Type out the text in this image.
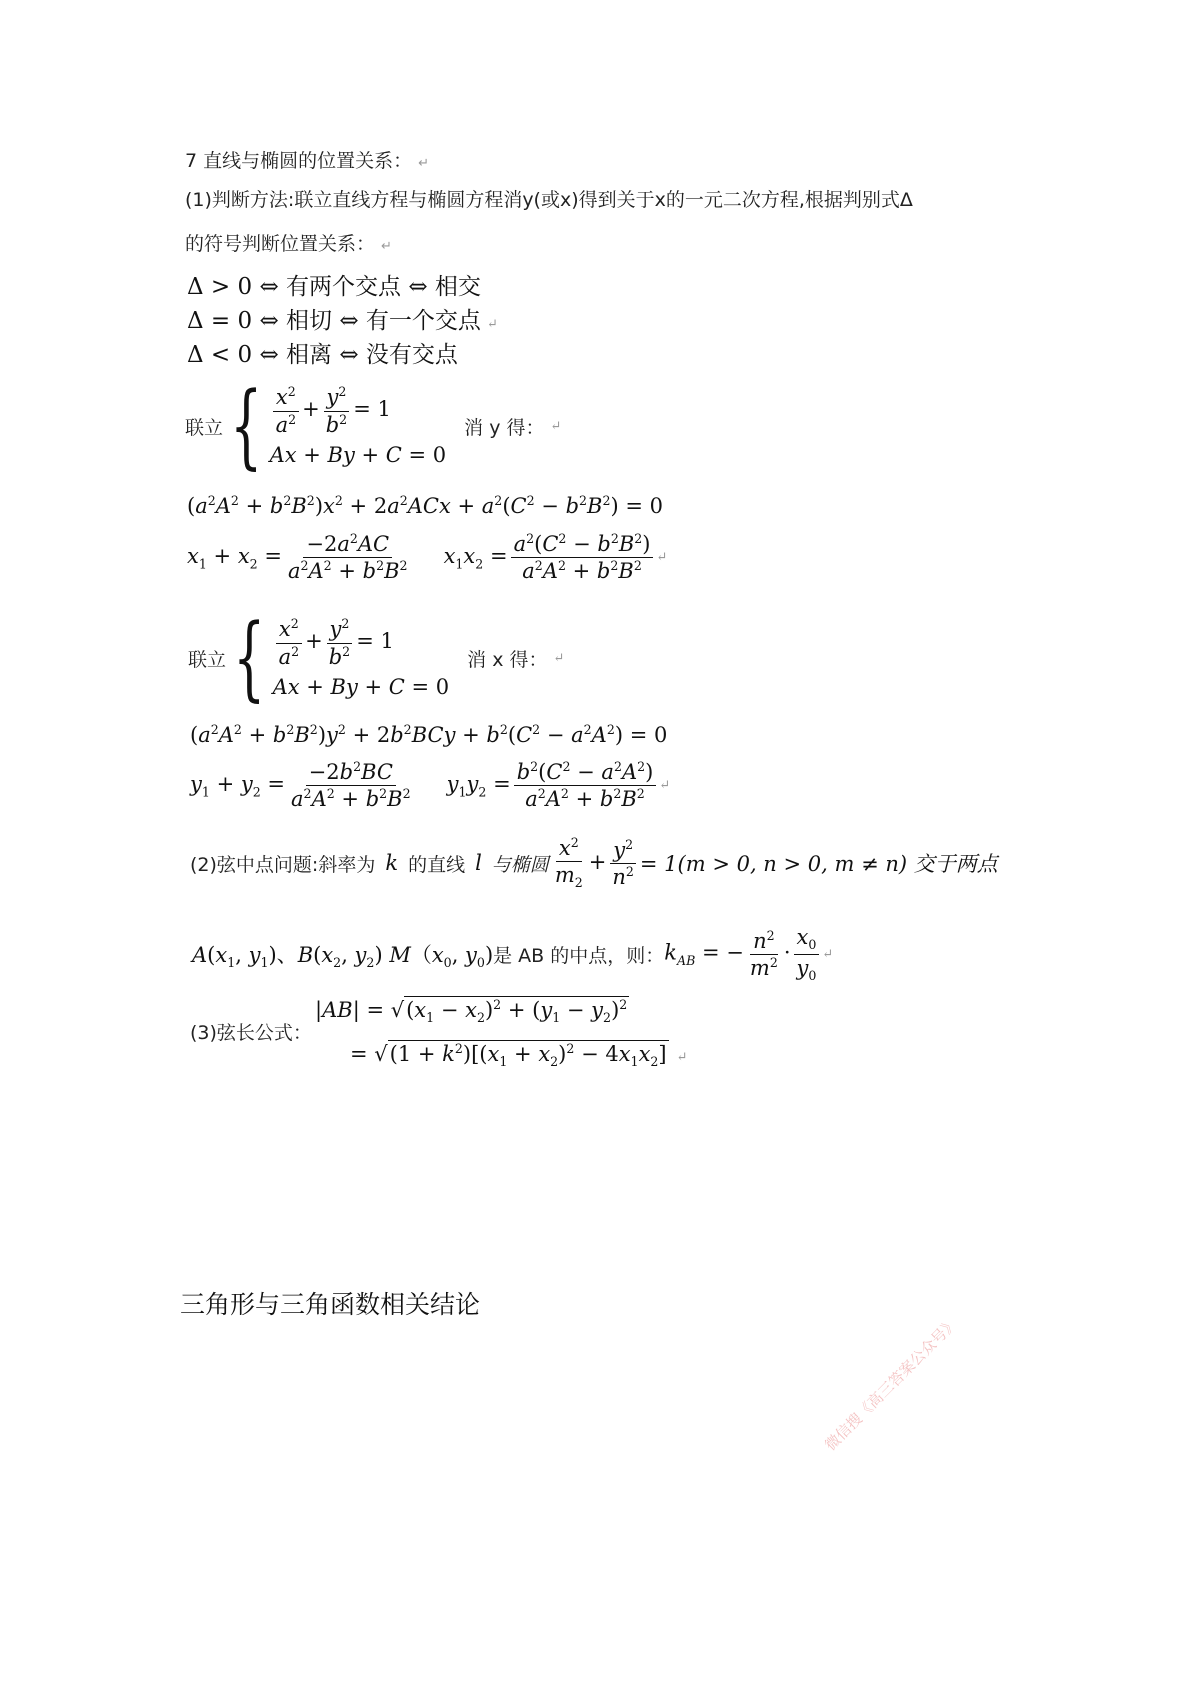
7 直线与椭圆的位置关系： ↵
(1)判断方法:联立直线方程与椭圆方程消y(或x)得到关于x的一元二次方程,根据判别式Δ
的符号判断位置关系： ↵
Δ > 0 ⇔ 有两个交点 ⇔ 相交
Δ = 0 ⇔ 相切 ⇔ 有一个交点 ↵
Δ < 0 ⇔ 相离 ⇔ 没有交点
联立 { $\frac{x^2}{a^2} + \frac{y^2}{b^2} = 1$
Ax + By + C = 0
消 y 得： ↵
$(a^2A^2 + b^2B^2)x^2 + 2a^2ACx + a^2(C^2 - b^2B^2) = 0$
$x_1 + x_2 = \frac{-2a^2AC}{a^2A^2 + b^2B^2} x_1x_2 = \frac{a^2(C^2 - b^2B^2)}{a^2A^2 + b^2B^2}$ ↵
联立 { $\frac{x^2}{a^2} + \frac{y^2}{b^2} = 1$
Ax + By + C = 0
消 x 得： ↵
$(a^2A^2 + b^2B^2)y^2 + 2b^2BCy + b^2(C^2 - a^2A^2) = 0$
$y_1 + y_2 = \frac{-2b^2BC}{a^2A^2 + b^2B^2} y_1y_2 = \frac{b^2(C^2 - a^2A^2)}{a^2A^2 + b^2B^2}$ ↵
(2)弦中点问题:斜率为 k 的直线 l 与椭圆 $\frac{x^2}{m_2} + \frac{y^2}{n^2} = 1(m > 0$, n > 0, m ≠ n) 交于两点
$A(x_1$, $y_1$)、$B(x_2$, $y_2$) $M(x_0$, $y_0$) 是 AB 的中点，则： $k_{AB}$ = − $\frac{n^2}{m^2} \cdot \frac{x_0}{y_0}$ ↵
(3)弦长公式：
$|AB| = √(x_1 - x_2)^2 + (y_1 - y_2)^2$
= $√(1 + k^2)[(x_1 + x_2)^2 - 4x_1x_2]$ ↵
三角形与三角函数相关结论
微信搜《高三答案公众号》
